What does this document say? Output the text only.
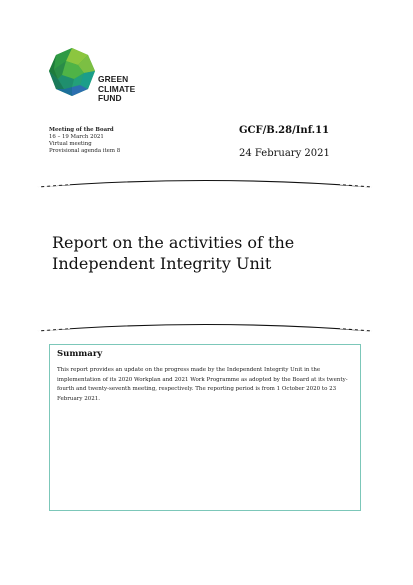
GREEN
CLIMATE
FUND
Meeting of the Board
16 – 19 March 2021
Virtual meeting
Provisional agenda item 8
GCF/B.28/Inf.11
24 February 2021
Report on the activities of the
Independent Integrity Unit
Summary
This report provides an update on the progress made by the Independent Integrity Unit in the implementation of its 2020 Workplan and 2021 Work Programme as adopted by the Board at its twenty-fourth and twenty-seventh meeting, respectively. The reporting period is from 1 October 2020 to 23 February 2021.
